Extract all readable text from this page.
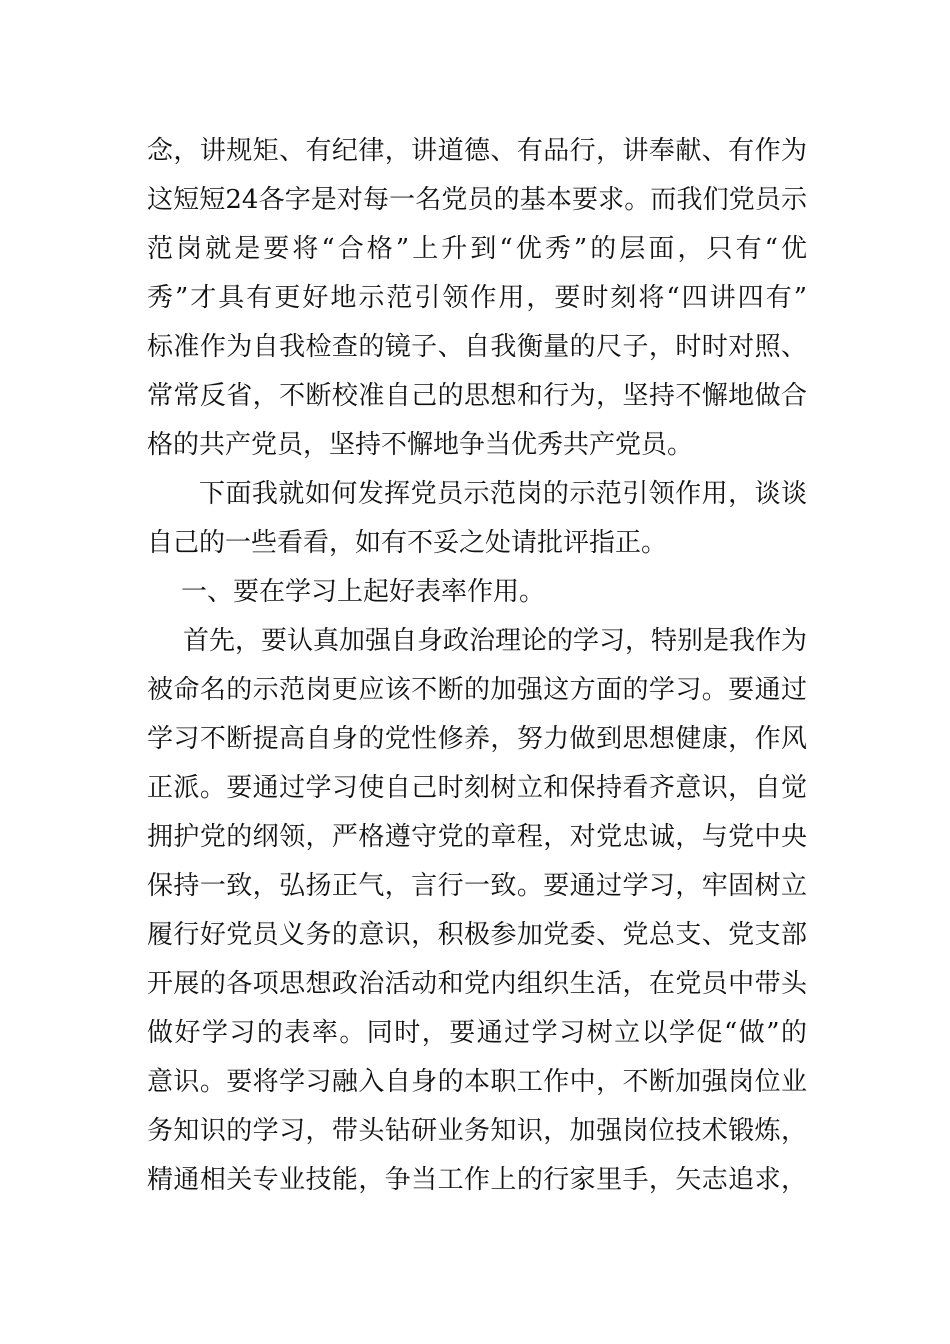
念，讲规矩、有纪律，讲道德、有品行，讲奉献、有作为
这短短24各字是对每一名党员的基本要求。而我们党员示
范岗就是要将“合格”上升到“优秀”的层面，只有“优
秀”才具有更好地示范引领作用，要时刻将“四讲四有”
标准作为自我检查的镜子、自我衡量的尺子，时时对照、
常常反省，不断校准自己的思想和行为，坚持不懈地做合
格的共产党员，坚持不懈地争当优秀共产党员。
下面我就如何发挥党员示范岗的示范引领作用，谈谈
自己的一些看看，如有不妥之处请批评指正。
一、要在学习上起好表率作用。
首先，要认真加强自身政治理论的学习，特别是我作为
被命名的示范岗更应该不断的加强这方面的学习。要通过
学习不断提高自身的党性修养，努力做到思想健康，作风
正派。要通过学习使自己时刻树立和保持看齐意识，自觉
拥护党的纲领，严格遵守党的章程，对党忠诚，与党中央
保持一致，弘扬正气，言行一致。要通过学习，牢固树立
履行好党员义务的意识，积极参加党委、党总支、党支部
开展的各项思想政治活动和党内组织生活，在党员中带头
做好学习的表率。同时，要通过学习树立以学促“做”的
意识。要将学习融入自身的本职工作中，不断加强岗位业
务知识的学习，带头钻研业务知识，加强岗位技术锻炼，
精通相关专业技能，争当工作上的行家里手，矢志追求，
